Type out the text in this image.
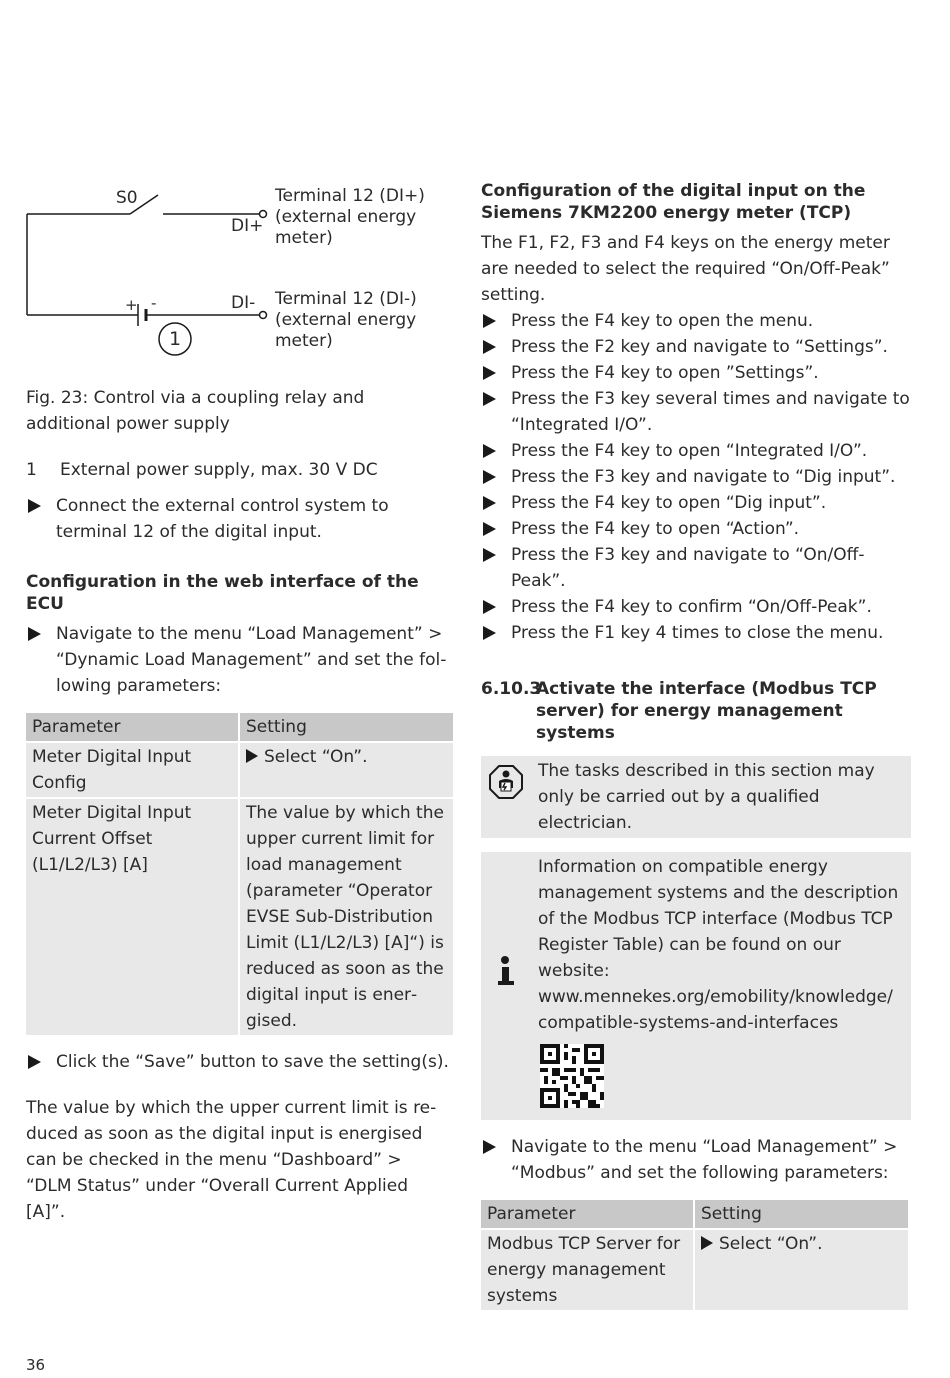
S0
DI+
DI-
+ -
1
Terminal 12 (DI+)
(external energy
meter)
Terminal 12 (DI-)
(external energy
meter)

Fig. 23: Control via a coupling relay and additional power supply

1 External power supply, max. 30 V DC
Connect the external control system to terminal 12 of the digital input.

Configuration in the web interface of the ECU

Navigate to the menu “Load Management” > “Dynamic Load Management” and set the following parameters:
Parameter	Setting
Meter Digital Input Config	Select “On”.
Meter Digital Input Current Offset (L1/L2/L3) [A]	The value by which the upper current limit for load management (parameter “Operator EVSE Sub-Distribution Limit (L1/L2/L3) [A]“) is reduced as soon as the digital input is energised.
Click the “Save” button to save the setting(s).

The value by which the upper current limit is reduced as soon as the digital input is energised can be checked in the menu “Dashboard” > “DLM Status” under “Overall Current Applied [A]”.

Configuration of the digital input on the Siemens 7KM2200 energy meter (TCP)

The F1, F2, F3 and F4 keys on the energy meter are needed to select the required “On/Off-Peak” setting.

Press the F4 key to open the menu.
Press the F2 key and navigate to “Settings”.
Press the F4 key to open ”Settings”.
Press the F3 key several times and navigate to “Integrated I/O”.
Press the F4 key to open “Integrated I/O”.
Press the F3 key and navigate to “Dig input”.
Press the F4 key to open “Dig input”.
Press the F4 key to open “Action”.
Press the F3 key and navigate to “On/Off-Peak”.
Press the F4 key to confirm “On/Off-Peak”.
Press the F1 key 4 times to close the menu.
6.10.3
Activate the interface (Modbus TCP server) for energy management systems

The tasks described in this section may only be carried out by a qualified electrician.

Information on compatible energy management systems and the description of the Modbus TCP interface (Modbus TCP Register Table) can be found on our website: www.mennekes.org/emobility/knowledge/ compatible-systems-and-interfaces

Navigate to the menu “Load Management” > “Modbus” and set the following parameters:
Parameter	Setting
Modbus TCP Server for energy management systems	Select “On”.
36
